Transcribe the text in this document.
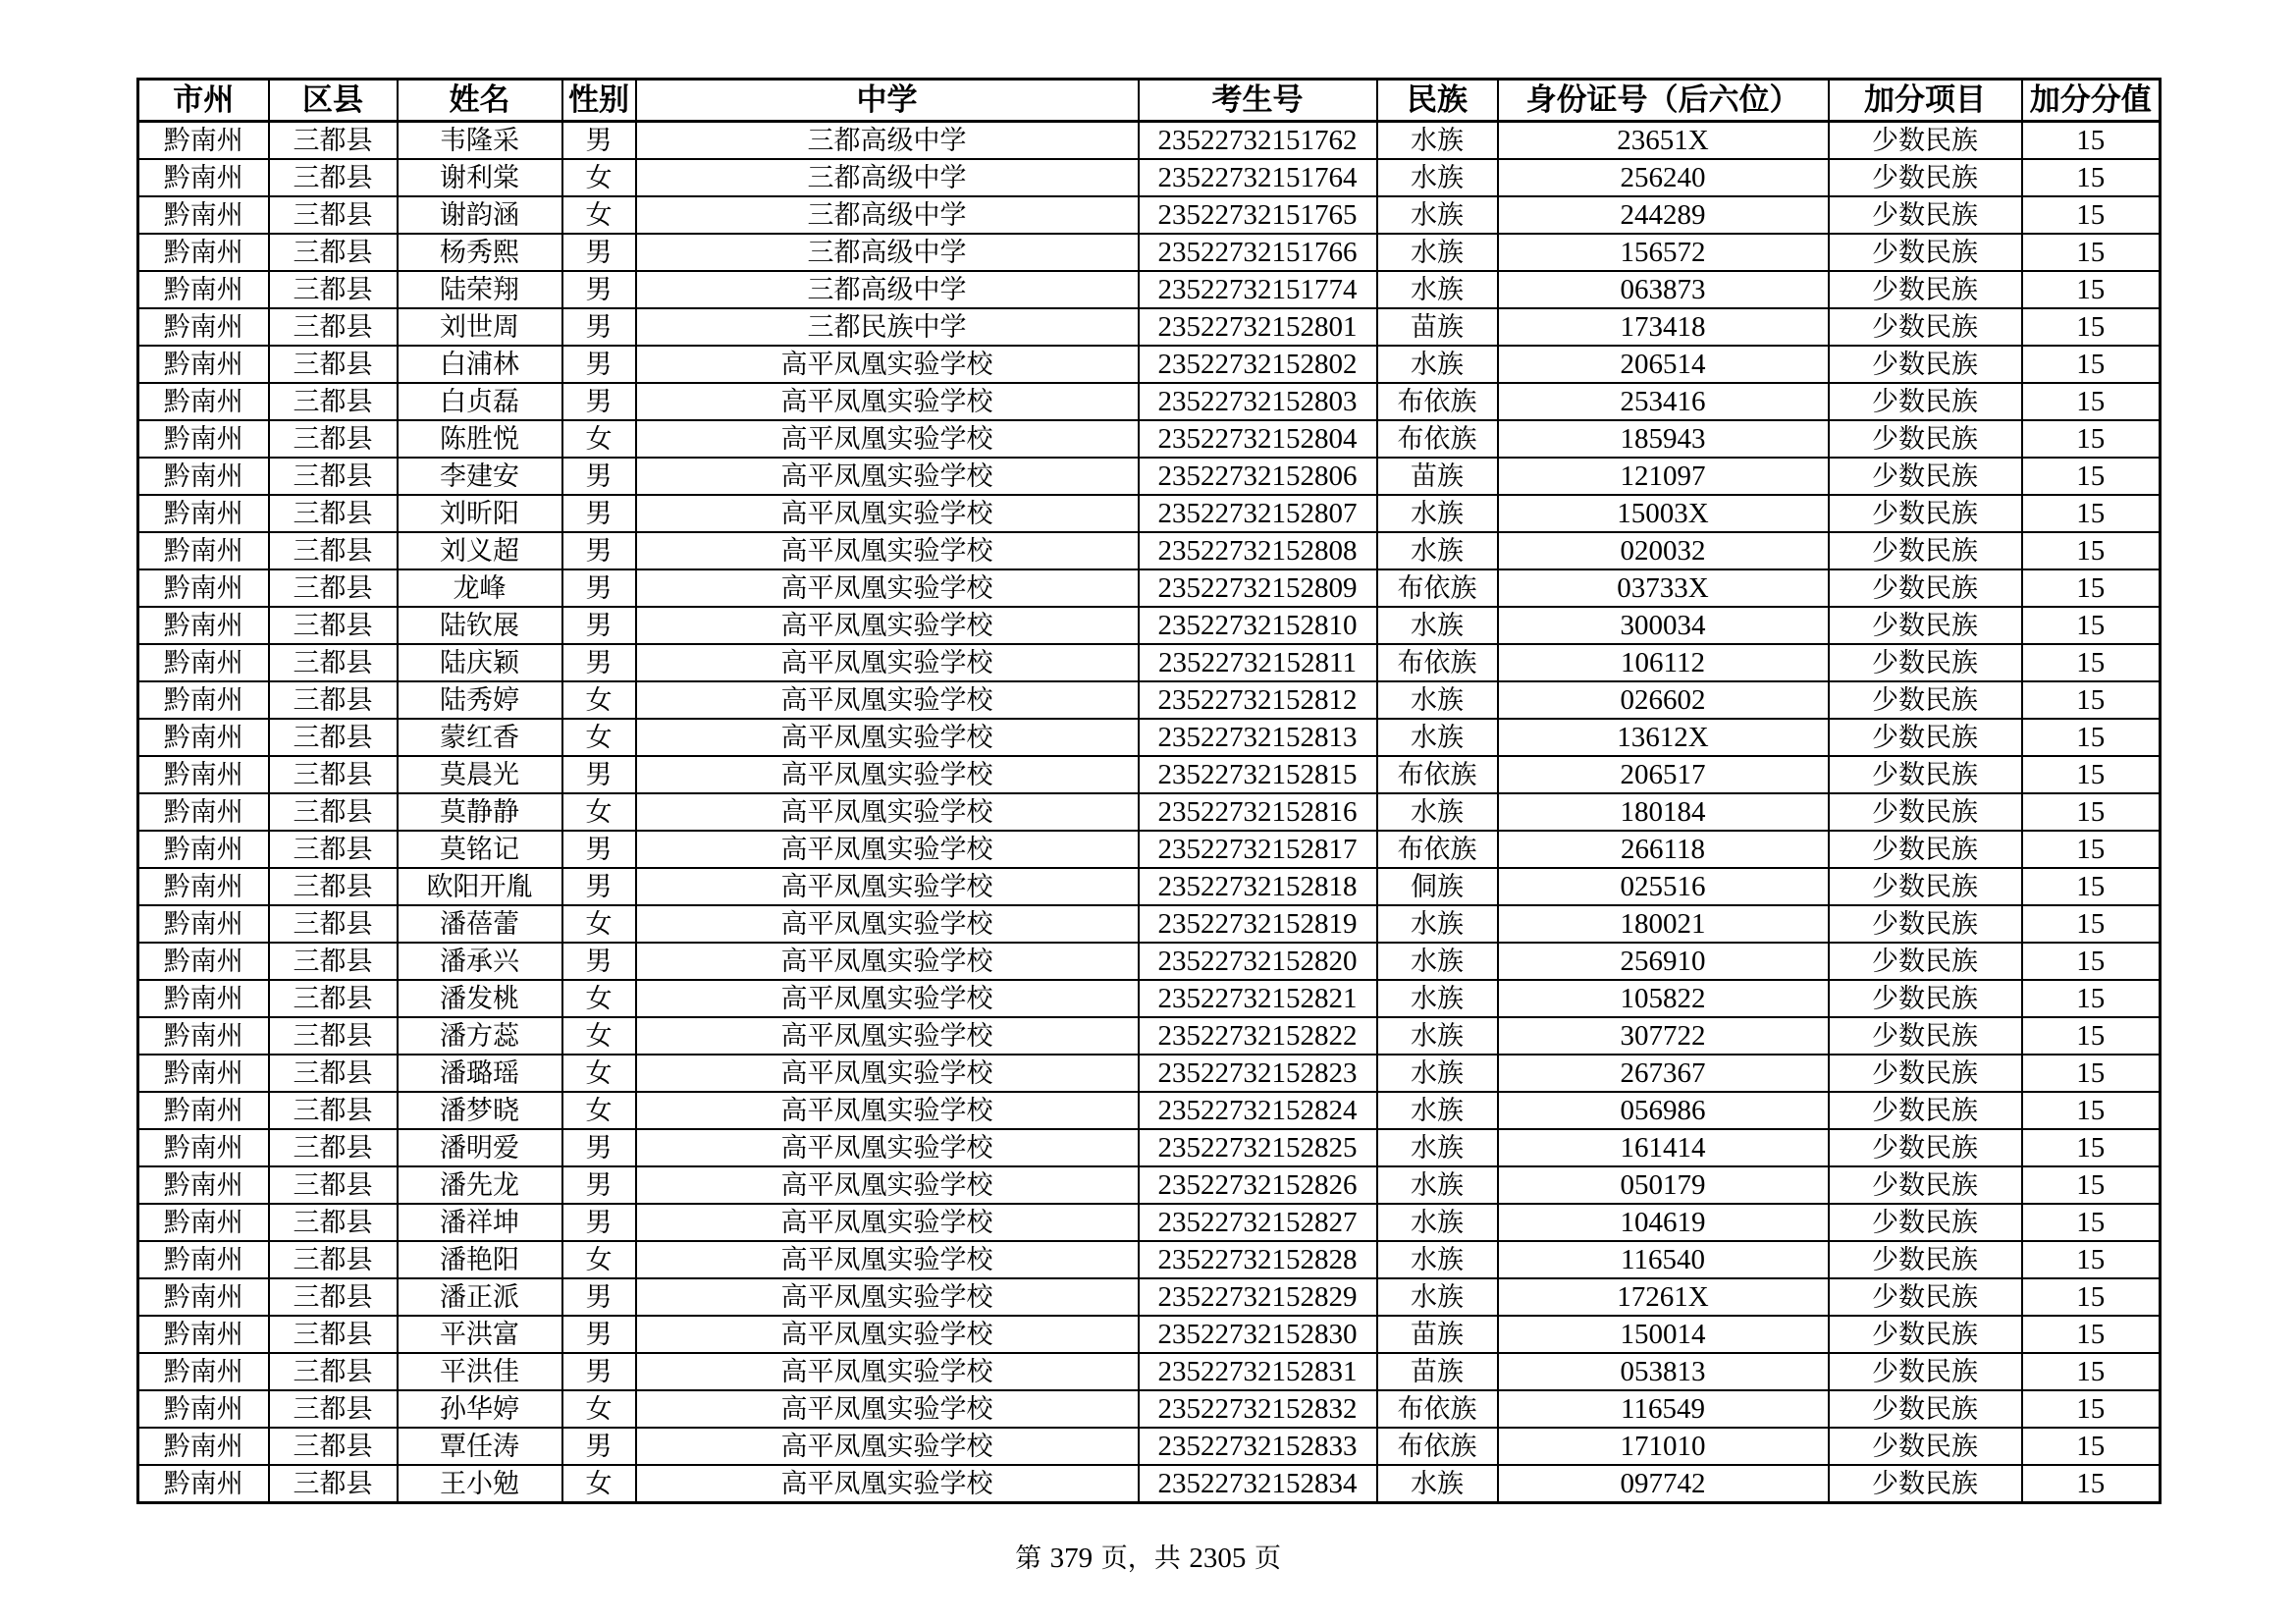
市州	区县	姓名	性别	中学	考生号	民族	身份证号（后六位）	加分项目	加分分值
黔南州	三都县	韦隆采	男	三都高级中学	23522732151762	水族	23651X	少数民族	15
黔南州	三都县	谢利棠	女	三都高级中学	23522732151764	水族	256240	少数民族	15
黔南州	三都县	谢韵涵	女	三都高级中学	23522732151765	水族	244289	少数民族	15
黔南州	三都县	杨秀熙	男	三都高级中学	23522732151766	水族	156572	少数民族	15
黔南州	三都县	陆荣翔	男	三都高级中学	23522732151774	水族	063873	少数民族	15
黔南州	三都县	刘世周	男	三都民族中学	23522732152801	苗族	173418	少数民族	15
黔南州	三都县	白浦林	男	高平凤凰实验学校	23522732152802	水族	206514	少数民族	15
黔南州	三都县	白贞磊	男	高平凤凰实验学校	23522732152803	布依族	253416	少数民族	15
黔南州	三都县	陈胜悦	女	高平凤凰实验学校	23522732152804	布依族	185943	少数民族	15
黔南州	三都县	李建安	男	高平凤凰实验学校	23522732152806	苗族	121097	少数民族	15
黔南州	三都县	刘昕阳	男	高平凤凰实验学校	23522732152807	水族	15003X	少数民族	15
黔南州	三都县	刘义超	男	高平凤凰实验学校	23522732152808	水族	020032	少数民族	15
黔南州	三都县	龙峰	男	高平凤凰实验学校	23522732152809	布依族	03733X	少数民族	15
黔南州	三都县	陆钦展	男	高平凤凰实验学校	23522732152810	水族	300034	少数民族	15
黔南州	三都县	陆庆颖	男	高平凤凰实验学校	23522732152811	布依族	106112	少数民族	15
黔南州	三都县	陆秀婷	女	高平凤凰实验学校	23522732152812	水族	026602	少数民族	15
黔南州	三都县	蒙红香	女	高平凤凰实验学校	23522732152813	水族	13612X	少数民族	15
黔南州	三都县	莫晨光	男	高平凤凰实验学校	23522732152815	布依族	206517	少数民族	15
黔南州	三都县	莫静静	女	高平凤凰实验学校	23522732152816	水族	180184	少数民族	15
黔南州	三都县	莫铭记	男	高平凤凰实验学校	23522732152817	布依族	266118	少数民族	15
黔南州	三都县	欧阳开胤	男	高平凤凰实验学校	23522732152818	侗族	025516	少数民族	15
黔南州	三都县	潘蓓蕾	女	高平凤凰实验学校	23522732152819	水族	180021	少数民族	15
黔南州	三都县	潘承兴	男	高平凤凰实验学校	23522732152820	水族	256910	少数民族	15
黔南州	三都县	潘发桃	女	高平凤凰实验学校	23522732152821	水族	105822	少数民族	15
黔南州	三都县	潘方蕊	女	高平凤凰实验学校	23522732152822	水族	307722	少数民族	15
黔南州	三都县	潘璐瑶	女	高平凤凰实验学校	23522732152823	水族	267367	少数民族	15
黔南州	三都县	潘梦晓	女	高平凤凰实验学校	23522732152824	水族	056986	少数民族	15
黔南州	三都县	潘明爱	男	高平凤凰实验学校	23522732152825	水族	161414	少数民族	15
黔南州	三都县	潘先龙	男	高平凤凰实验学校	23522732152826	水族	050179	少数民族	15
黔南州	三都县	潘祥坤	男	高平凤凰实验学校	23522732152827	水族	104619	少数民族	15
黔南州	三都县	潘艳阳	女	高平凤凰实验学校	23522732152828	水族	116540	少数民族	15
黔南州	三都县	潘正派	男	高平凤凰实验学校	23522732152829	水族	17261X	少数民族	15
黔南州	三都县	平洪富	男	高平凤凰实验学校	23522732152830	苗族	150014	少数民族	15
黔南州	三都县	平洪佳	男	高平凤凰实验学校	23522732152831	苗族	053813	少数民族	15
黔南州	三都县	孙华婷	女	高平凤凰实验学校	23522732152832	布依族	116549	少数民族	15
黔南州	三都县	覃任涛	男	高平凤凰实验学校	23522732152833	布依族	171010	少数民族	15
黔南州	三都县	王小勉	女	高平凤凰实验学校	23522732152834	水族	097742	少数民族	15
第 379 页，共 2305 页
